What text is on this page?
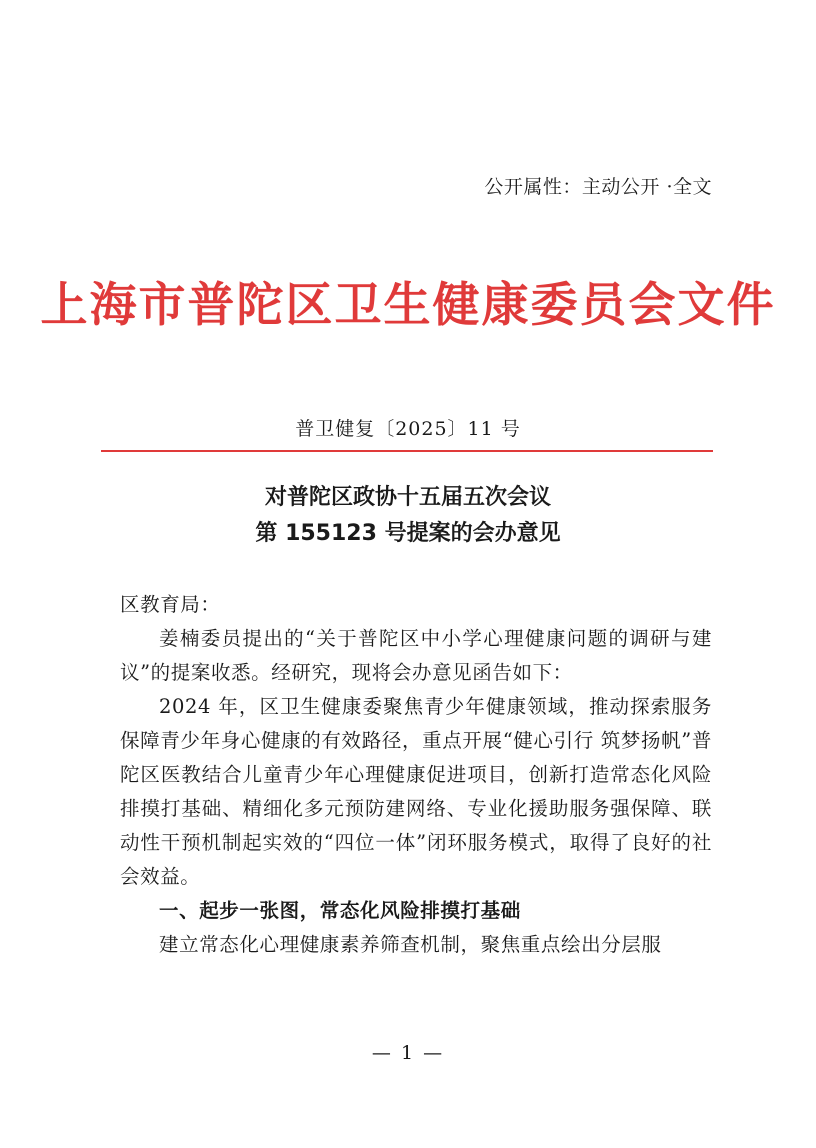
公开属性：主动公开 ·全文
上海市普陀区卫生健康委员会文件
普卫健复〔2025〕11 号
对普陀区政协十五届五次会议
第 155123 号提案的会办意见

区教育局：

姜楠委员提出的“关于普陀区中小学心理健康问题的调研与建议”的提案收悉。经研究，现将会办意见函告如下：

2024 年，区卫生健康委聚焦青少年健康领域，推动探索服务保障青少年身心健康的有效路径，重点开展“健心引行 筑梦扬帆”普陀区医教结合儿童青少年心理健康促进项目，创新打造常态化风险排摸打基础、精细化多元预防建网络、专业化援助服务强保障、联动性干预机制起实效的“四位一体”闭环服务模式，取得了良好的社会效益。

一、起步一张图，常态化风险排摸打基础

建立常态化心理健康素养筛查机制，聚焦重点绘出分层服

— 1 —
